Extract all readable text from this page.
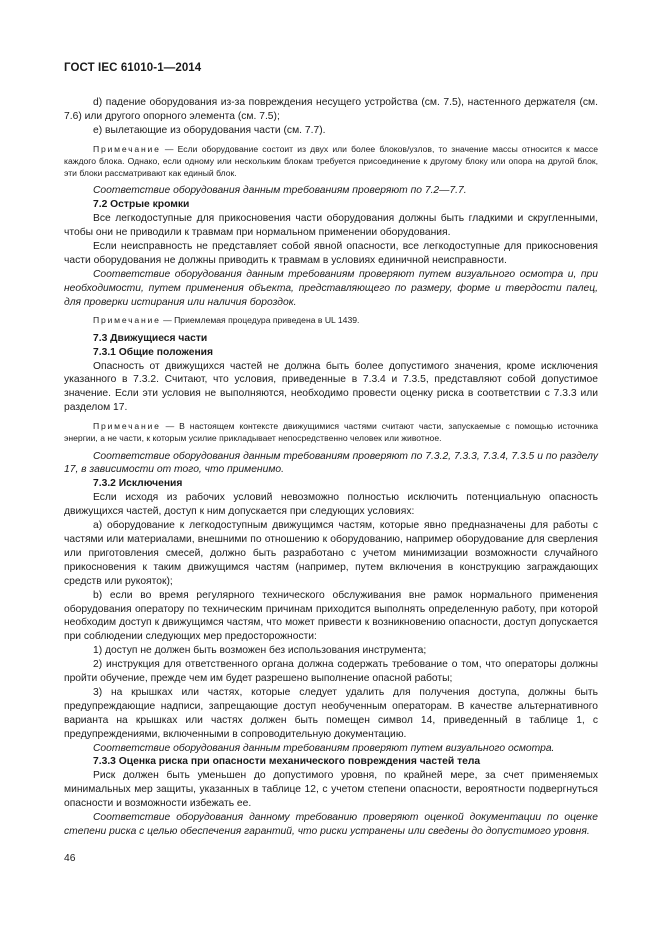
ГОСТ IEC 61010-1—2014
d) падение оборудования из-за повреждения несущего устройства (см. 7.5), настенного держателя (см. 7.6) или другого опорного элемента (см. 7.5);
e) вылетающие из оборудования части (см. 7.7).
Примечание — Если оборудование состоит из двух или более блоков/узлов, то значение массы относится к массе каждого блока. Однако, если одному или нескольким блокам требуется присоединение к другому блоку или опора на другой блок, эти блоки рассматривают как единый блок.
Соответствие оборудования данным требованиям проверяют по 7.2—7.7.
7.2 Острые кромки
Все легкодоступные для прикосновения части оборудования должны быть гладкими и скругленными, чтобы они не приводили к травмам при нормальном применении оборудования.
Если неисправность не представляет собой явной опасности, все легкодоступные для прикосновения части оборудования не должны приводить к травмам в условиях единичной неисправности.
Соответствие оборудования данным требованиям проверяют путем визуального осмотра и, при необходимости, путем применения объекта, представляющего по размеру, форме и твердости палец, для проверки истирания или наличия бороздок.
Примечание — Приемлемая процедура приведена в UL 1439.
7.3 Движущиеся части
7.3.1 Общие положения
Опасность от движущихся частей не должна быть более допустимого значения, кроме исключения указанного в 7.3.2. Считают, что условия, приведенные в 7.3.4 и 7.3.5, представляют собой допустимое значение. Если эти условия не выполняются, необходимо провести оценку риска в соответствии с 7.3.3 или разделом 17.
Примечание — В настоящем контексте движущимися частями считают части, запускаемые с помощью источника энергии, а не части, к которым усилие прикладывает непосредственно человек или животное.
Соответствие оборудования данным требованиям проверяют по 7.3.2, 7.3.3, 7.3.4, 7.3.5 и по разделу 17, в зависимости от того, что применимо.
7.3.2 Исключения
Если исходя из рабочих условий невозможно полностью исключить потенциальную опасность движущихся частей, доступ к ним допускается при следующих условиях:
a) оборудование к легкодоступным движущимся частям, которые явно предназначены для работы с частями или материалами, внешними по отношению к оборудованию, например оборудование для сверления или приготовления смесей, должно быть разработано с учетом минимизации возможности случайного прикосновения к таким движущимся частям (например, путем включения в конструкцию заграждающих средств или рукояток);
b) если во время регулярного технического обслуживания вне рамок нормального применения оборудования оператору по техническим причинам приходится выполнять определенную работу, при которой необходим доступ к движущимся частям, что может привести к возникновению опасности, доступ допускается при соблюдении следующих мер предосторожности:
1) доступ не должен быть возможен без использования инструмента;
2) инструкция для ответственного органа должна содержать требование о том, что операторы должны пройти обучение, прежде чем им будет разрешено выполнение опасной работы;
3) на крышках или частях, которые следует удалить для получения доступа, должны быть предупреждающие надписи, запрещающие доступ необученным операторам. В качестве альтернативного варианта на крышках или частях должен быть помещен символ 14, приведенный в таблице 1, с предупреждениями, включенными в сопроводительную документацию.
Соответствие оборудования данным требованиям проверяют путем визуального осмотра.
7.3.3 Оценка риска при опасности механического повреждения частей тела
Риск должен быть уменьшен до допустимого уровня, по крайней мере, за счет применяемых минимальных мер защиты, указанных в таблице 12, с учетом степени опасности, вероятности подвергнуться опасности и возможности избежать ее.
Соответствие оборудования данному требованию проверяют оценкой документации по оценке степени риска с целью обеспечения гарантий, что риски устранены или сведены до допустимого уровня.
46
